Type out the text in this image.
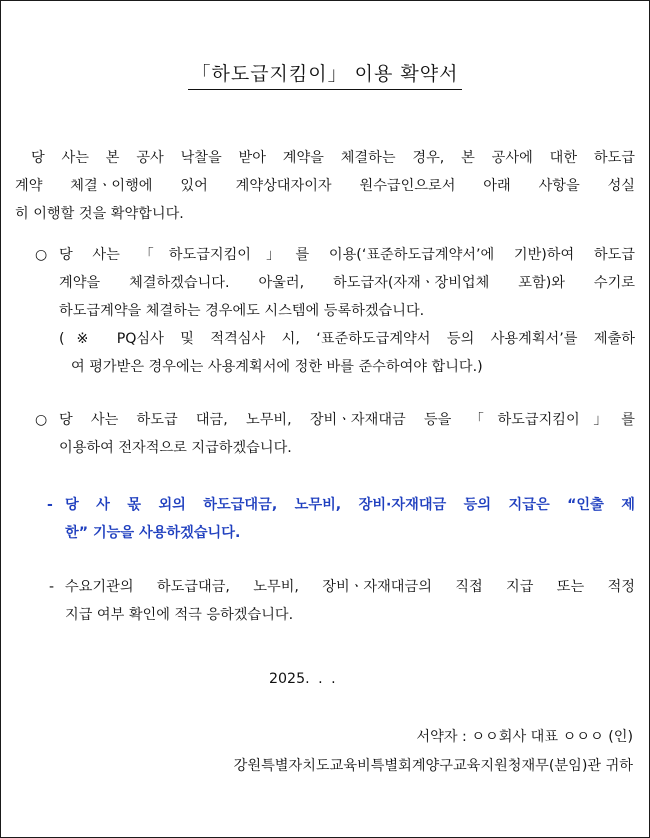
「하도급지킴이」 이용 확약서
당 사는 본 공사 낙찰을 받아 계약을 체결하는 경우, 본 공사에 대한 하도급
계약 체결ㆍ이행에 있어 계약상대자이자 원수급인으로서 아래 사항을 성실
히 이행할 것을 확약합니다.
○ 당 사는 「하도급지킴이」를 이용(‘표준하도급계약서’에 기반)하여 하도급
계약을 체결하겠습니다. 아울러, 하도급자(자재ㆍ장비업체 포함)와 수기로
하도급계약을 체결하는 경우에도 시스템에 등록하겠습니다.
(※ PQ심사 및 적격심사 시, ‘표준하도급계약서 등의 사용계획서’를 제출하
여 평가받은 경우에는 사용계획서에 정한 바를 준수하여야 합니다.)
○ 당 사는 하도급 대금, 노무비, 장비ㆍ자재대금 등을 「하도급지킴이」를
이용하여 전자적으로 지급하겠습니다.
- 당 사 몫 외의 하도급대금, 노무비, 장비·자재대금 등의 지급은 “인출 제
한” 기능을 사용하겠습니다.
- 수요기관의 하도급대금, 노무비, 장비ㆍ자재대금의 직접 지급 또는 적정
지급 여부 확인에 적극 응하겠습니다.
2025. . .
서약자 : ㅇㅇ회사 대표 ㅇㅇㅇ (인)
강원특별자치도교육비특별회계양구교육지원청재무(분임)관 귀하
